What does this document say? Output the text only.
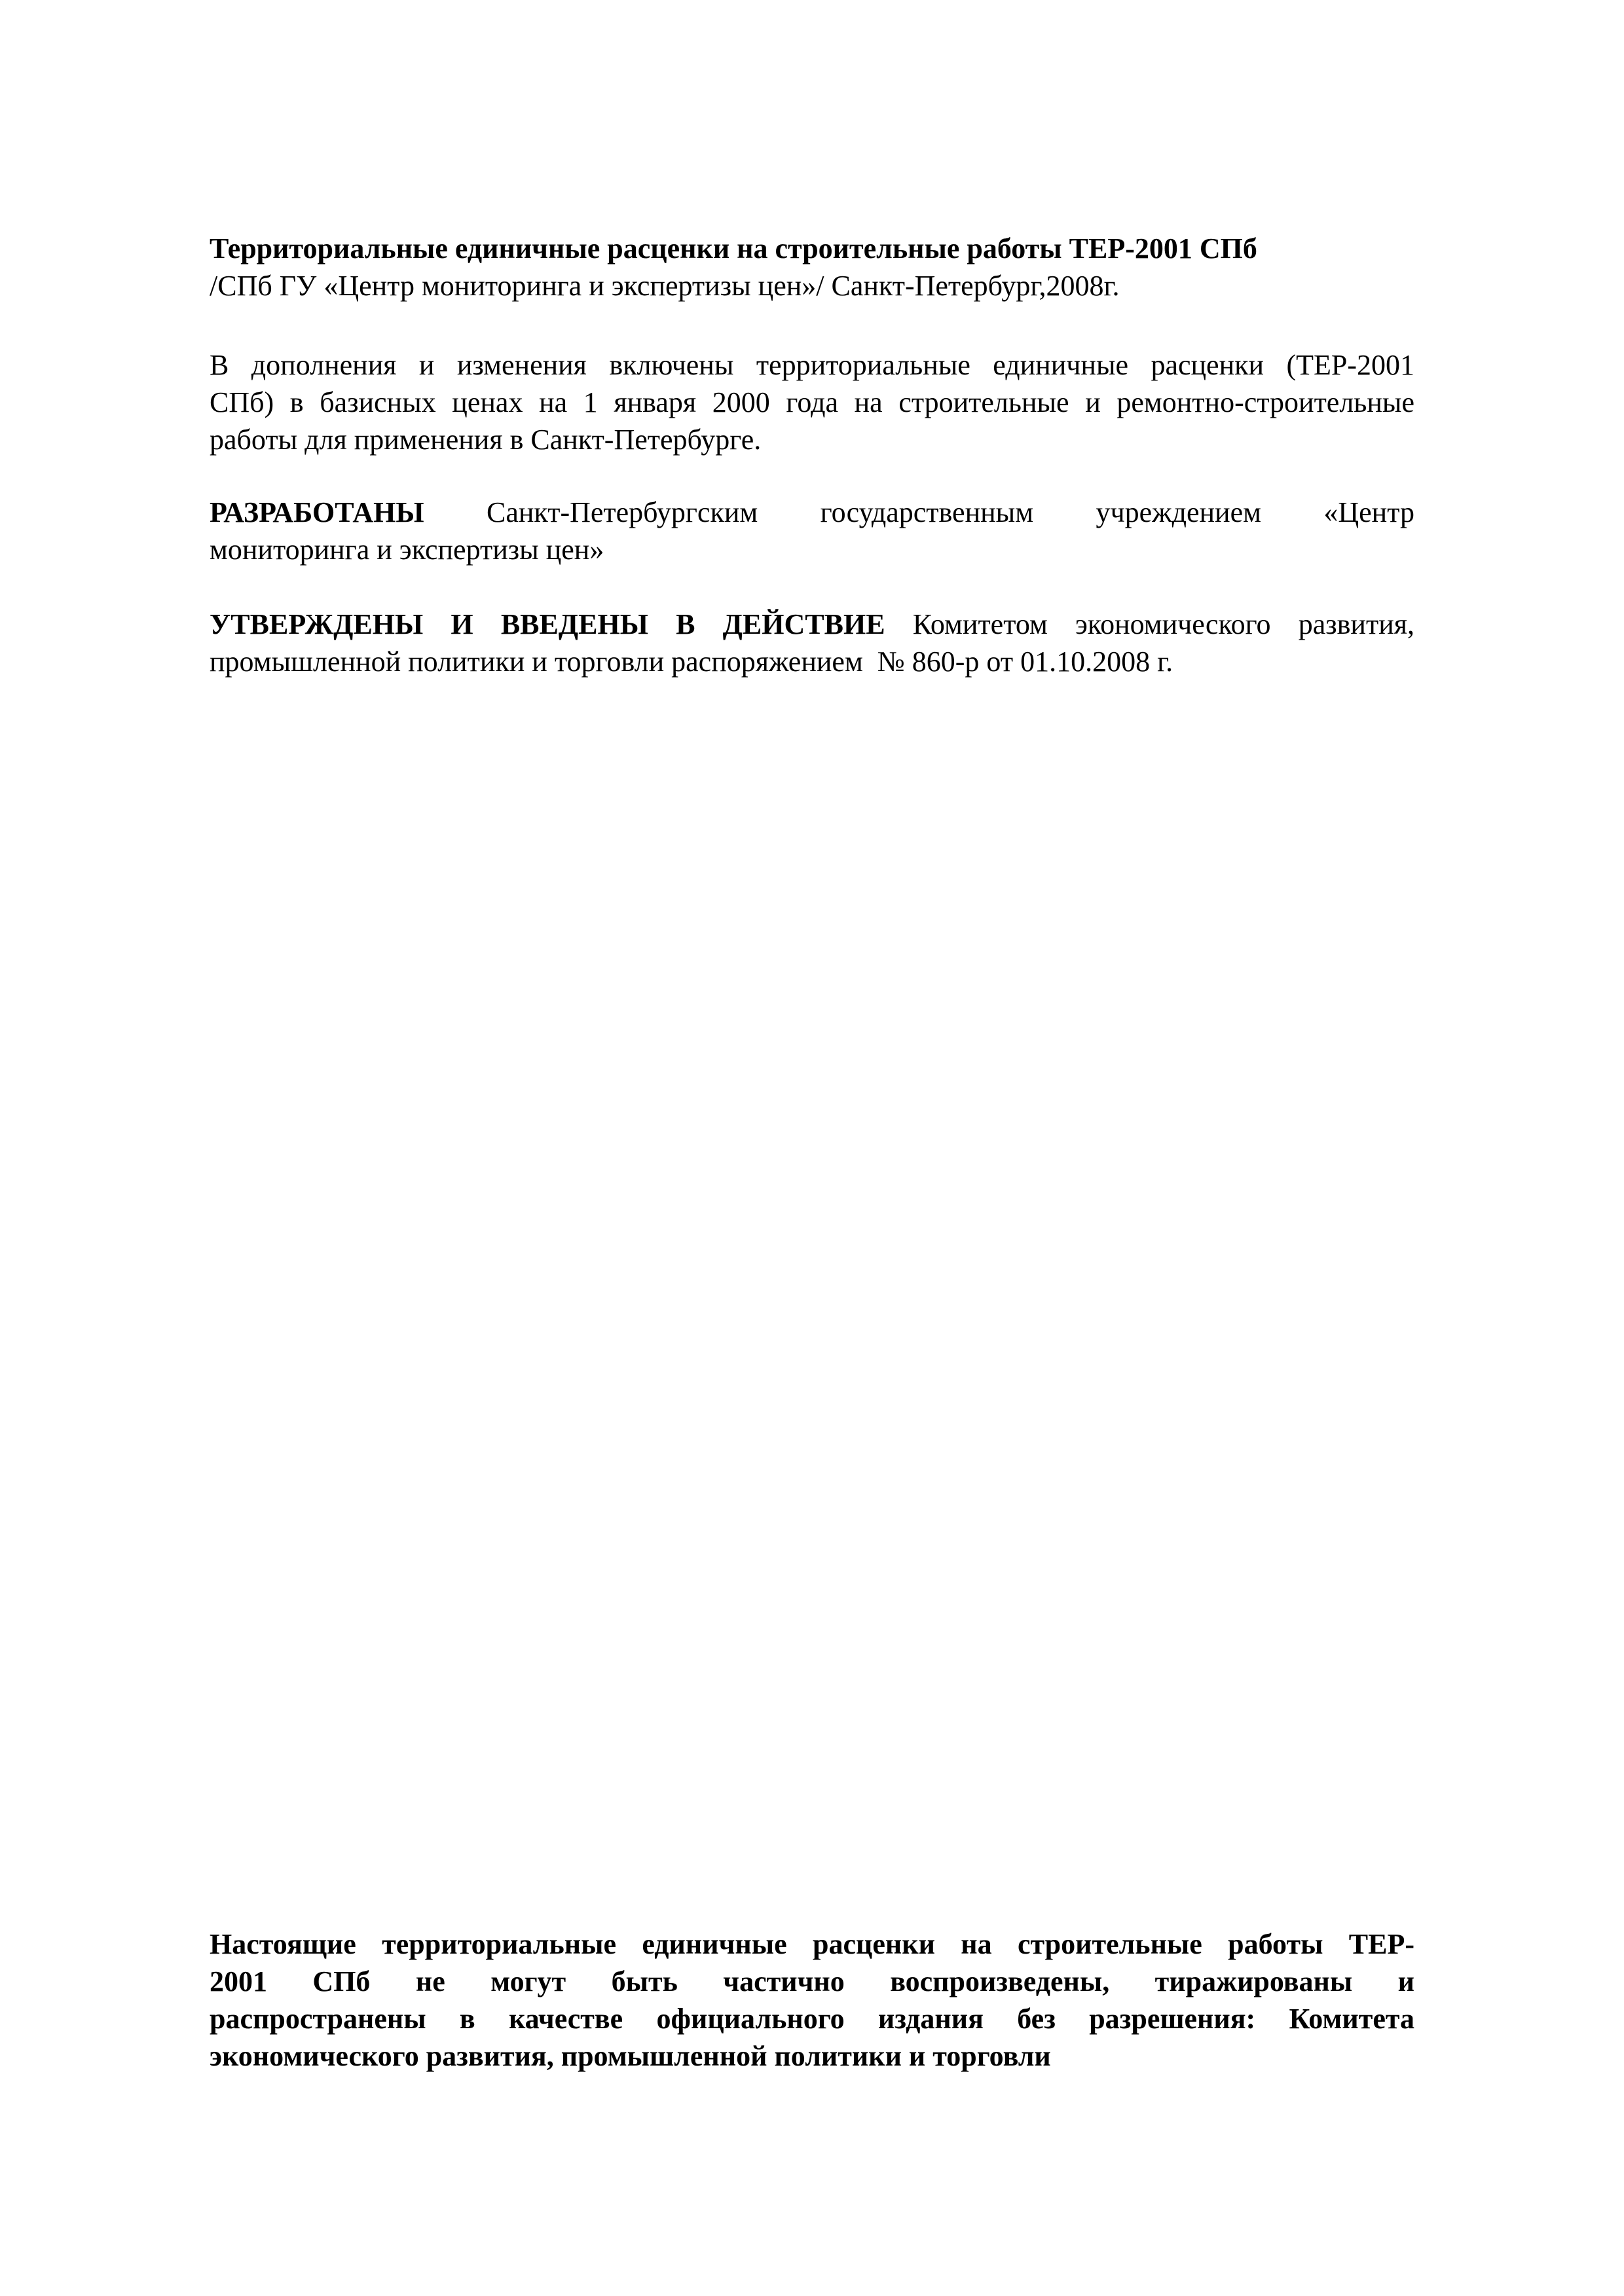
Территориальные единичные расценки на строительные работы ТЕР-2001 СПб
/СПб ГУ «Центр мониторинга и экспертизы цен»/ Санкт-Петербург,2008г.
В дополнения и изменения включены территориальные единичные расценки (ТЕР-2001
СПб) в базисных ценах на 1 января 2000 года на строительные и ремонтно-строительные
работы для применения в Санкт-Петербурге.
РАЗРАБОТАНЫ Санкт-Петербургским государственным учреждением «Центр
мониторинга и экспертизы цен»
УТВЕРЖДЕНЫ И ВВЕДЕНЫ В ДЕЙСТВИЕ Комитетом экономического развития,
промышленной политики и торговли распоряжением  № 860-р от 01.10.2008 г.
Настоящие территориальные единичные расценки на строительные работы ТЕР-
2001 СПб не могут быть частично воспроизведены, тиражированы и
распространены в качестве официального издания без разрешения: Комитета
экономического развития, промышленной политики и торговли
